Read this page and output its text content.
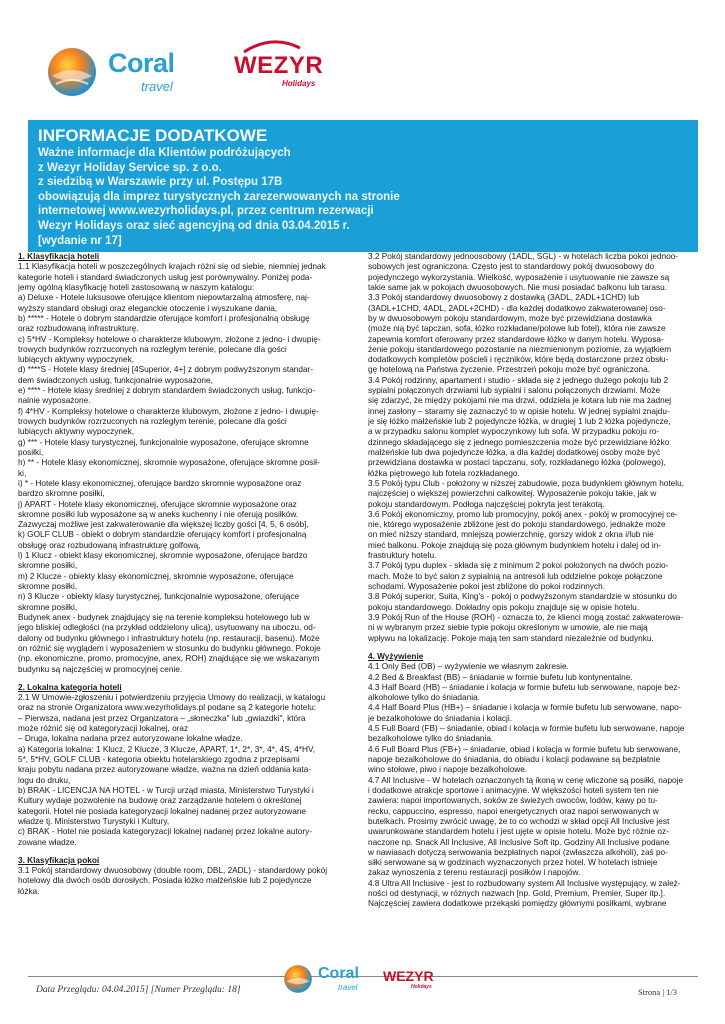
Coral
travel
WEZYR
Holidays
INFORMACJE DODATKOWE
Ważne informacje dla Klientów podróżujących
z Wezyr Holiday Service sp. z o.o.
z siedzibą w Warszawie przy ul. Postępu 17B
obowiązują dla imprez turystycznych zarezerwowanych na stronie
internetowej www.wezyrholidays.pl, przez centrum rezerwacji
Wezyr Holidays oraz sieć agencyjną od dnia 03.04.2015 r.
[wydanie nr 17]
1. Klasyfikacja hoteli
1.1 Klasyfikacja hoteli w poszczególnych krajach różni się od siebie, niemniej jednak
kategorie hoteli i standard świadczonych usług jest porównywalny. Poniżej poda-
jemy ogólną klasyfikację hoteli zastosowaną w naszym katalogu:
a) Deluxe - Hotele luksusowe oferujące klientom niepowtarzalną atmosferę, naj-
wyższy standard obsługi oraz eleganckie otoczenie i wyszukane dania,
b) ***** - Hotele o dobrym standardzie oferujące komfort i profesjonalną obsługę
oraz rozbudowaną infrastrukturę.
c) 5*HV - Kompleksy hotelowe o charakterze klubowym, złożone z jedno- i dwupię-
trowych budynków rozrzuconych na rozległym terenie, polecane dla gości
lubiących aktywny wypoczynek,
d) ****S - Hotele klasy średniej [4Superior, 4+] z dobrym podwyższonym standar-
dem świadczonych usług, funkcjonalnie wyposażone,
e) **** - Hotele klasy średniej z dobrym standardem świadczonych usług, funkcjo-
nalnie wyposażone.
f) 4*HV - Kompleksy hotelowe o charakterze klubowym, złożone z jedno- i dwupię-
trowych budynków rozrzuconych na rozległym terenie, polecane dla gości
lubiących aktywny wypoczynek,
g) *** - Hotele klasy turystycznej, funkcjonalnie wyposażone, oferujące skromne
posiłki,
h) ** - Hotele klasy ekonomicznej, skromnie wyposażone, oferujące skromne posił-
ki,
i) * - Hotele klasy ekonomicznej, oferujące bardzo skromnie wyposażone oraz
bardzo skromne posiłki,
j) APART - Hotele klasy ekonomicznej, oferujące skromnie wyposażone oraz
skromne posiłki lub wyposażone są w aneks kuchenny i nie oferują posiłków.
Zazwyczaj możliwe jest zakwaterowanie dla większej liczby gości [4, 5, 6 osób],
k) GOLF CLUB - obiekt o dobrym standardzie oferujący komfort i profesjonalną
obsługę oraz rozbudowaną infrastrukturę golfową,
l) 1 Klucz - obiekt klasy ekonomicznej, skromnie wyposażone, oferujące bardzo
skromne posiłki,
m) 2 Klucze - obiekty klasy ekonomicznej, skromnie wyposażone, oferujące
skromne posiłki,
n) 3 Klucze - obiekty klasy turystycznej, funkcjonalnie wyposażone, oferujące
skromne posiłki,
Budynek anex - budynek znajdujący się na terenie kompleksu hotelowego lub w
jego bliskiej odległości (na przykład oddzielony ulicą), usytuowany na uboczu, od-
dalony od budynku głównego i infrastruktury hotelu (np. restauracji, basenu). Może
on różnić się wyglądem i wyposażeniem w stosunku do budynku głównego. Pokoje
(np. ekonomiczne, promo, promocyjne, anex, ROH) znajdujące się we wskazanym
budynku są najczęściej w promocyjnej cenie.
2. Lokalna kategoria hoteli
2.1 W Umowie-zgłoszeniu i potwierdzeniu przyjęcia Umowy do realizacji, w katalogu
oraz na stronie Organizatora www.wezyrholidays.pl podane są 2 kategorie hotelu:
– Pierwsza, nadana jest przez Organizatora – „słoneczka" lub „gwiazdki", która
może różnić się od kategoryzacji lokalnej, oraz
– Druga, lokalna nadana przez autoryzowane lokalne władze.
a) Kategoria lokalna: 1 Klucz, 2 Klucze, 3 Klucze, APART, 1*, 2*, 3*, 4*, 4S, 4*HV,
5*, 5*HV, GOLF CLUB - kategoria obiektu hotelarskiego zgodna z przepisami
kraju pobytu nadana przez autoryzowane władze, ważna na dzień oddania kata-
logu do druku,
b) BRAK - LICENCJA NA HOTEL - w Turcji urząd miasta, Ministerstwo Turystyki i
Kultury wydaje pozwolenie na budowę oraz zarządzanie hotelem o określonej
kategorii. Hotel nie posiada kategoryzacji lokalnej nadanej przez autoryzowane
władze tj. Ministerstwo Turystyki i Kultury,
c) BRAK - Hotel nie posiada kategoryzacji lokalnej nadanej przez lokalne autory-
zowane władze.
3. Klasyfikacja pokoi
3.1 Pokój standardowy dwuosobowy (double room, DBL, 2ADL) - standardowy pokój
hotelowy dla dwóch osób dorosłych. Posiada łóżko małżeńskie lub 2 pojedyncze
łóżka.
3.2 Pokój standardowy jednoosobowy (1ADL, SGL) - w hotelach liczba pokoi jednoo-
sobowych jest ograniczona. Często jest to standardowy pokój dwuosobowy do
pojedynczego wykorzystania. Wielkość, wyposażenie i usytuowanie nie zawsze są
takie same jak w pokojach dwuosobowych. Nie musi posiadać balkonu lub tarasu.
3.3 Pokój standardowy dwuosobowy z dostawką (3ADL, 2ADL+1CHD) lub
(3ADL+1CHD, 4ADL, 2ADL+2CHD) - dla każdej dodatkowo zakwaterowanej oso-
by w dwuosobowym pokoju standardowym, może być przewidziana dostawka
(może nią być tapczan, sofa, łóżko rozkładane/polowe lub fotel), która nie zawsze
zapewnia komfort oferowany przez standardowe łóżko w danym hotelu. Wyposa-
żenie pokoju standardowego pozostanie na niezmienionym poziomie, za wyjątkiem
dodatkowych kompletów pościeli i ręczników, które będą dostarczone przez obsłu-
gę hotelową na Państwa życzenie. Przestrzeń pokoju może być ograniczona.
3.4 Pokój rodzinny, apartament i studio - składa się z jednego dużego pokoju lub 2
sypialni połączonych drzwiami lub sypialni i salonu połączonych drzwiami. Może
się zdarzyć, że między pokojami nie ma drzwi, oddziela je kotara lub nie ma żadnej
innej zasłony – staramy się zaznaczyć to w opisie hotelu. W jednej sypialni znajdu-
je się łóżko małżeńskie lub 2 pojedyncze łóżka, w drugiej 1 lub 2 łóżka pojedyncze,
a w przypadku salonu komplet wypoczynkowy lub sofa. W przypadku pokoju ro-
dzinnego składającego się z jednego pomieszczenia może być przewidziane łóżko
małżeńskie lub dwa pojedyncze łóżka, a dla każdej dodatkowej osoby może być
przewidziana dostawka w postaci tapczanu, sofy, rozkładanego łóżka (polowego),
łóżka piętrowego lub fotela rozkładanego.
3.5 Pokój typu Club - położony w niższej zabudowie, poza budynkiem głównym hotelu,
najczęściej o większej powierzchni całkowitej. Wyposażenie pokoju takie, jak w
pokoju standardowym. Podłoga najczęściej pokryta jest terakotą.
3.6 Pokój ekonomiczny, promo lub promocyjny, pokój anex - pokój w promocyjnej ce-
nie, którego wyposażenie zbliżone jest do pokoju standardowego, jednakże może
on mieć niższy standard, mniejszą powierzchnię, gorszy widok z okna i/lub nie
mieć balkonu. Pokoje znajdują się poza głównym budynkiem hotelu i dalej od in-
frastruktury hotelu.
3.7 Pokój typu duplex - składa się z minimum 2 pokoi położonych na dwóch pozio-
mach. Może to być salon z sypialnią na antresoli lub oddzielne pokoje połączone
schodami. Wyposażenie pokoi jest zbliżone do pokoi rodzinnych.
3.8 Pokój superior, Suita, King's - pokój o podwyższonym standardzie w stosunku do
pokoju standardowego. Dokładny opis pokoju znajduje się w opisie hotelu.
3.9 Pokój Run of the House (ROH) - oznacza to, że klienci mogą zostać zakwaterowa-
ni w wybranym przez siebie typie pokoju określonym w umowie, ale nie mają
wpływu na lokalizację. Pokoje mają ten sam standard niezależnie od budynku.
4. Wyżywienie
4.1 Only Bed (OB) – wyżywienie we własnym zakresie.
4.2 Bed & Breakfast (BB) – śniadanie w formie bufetu lub kontynentalne.
4.3 Half Board (HB) – śniadanie i kolacja w formie bufetu lub serwowane, napoje bez-
alkoholowe tylko do śniadania.
4.4 Half Board Plus (HB+) – śniadanie i kolacja w formie bufetu lub serwowane, napo-
je bezalkoholowe do śniadania i kolacji.
4.5 Full Board (FB) – śniadanie, obiad i kolacja w formie bufetu lub serwowane, napoje
bezalkoholowe tylko do śniadania.
4.6 Full Board Plus (FB+) – śniadanie, obiad i kolacja w formie bufetu lub serwowane,
napoje bezalkoholowe do śniadania, do obiadu i kolacji podawane są bezpłatnie
wino stołowe, piwo i napoje bezalkoholowe.
4.7 All Inclusive - W hotelach oznaczonych tą ikoną w cenę wliczone są posiłki, napoje
i dodatkowe atrakcje sportowe i animacyjne. W większości hoteli system ten nie
zawiera: napoi importowanych, soków ze świeżych owoców, lodów, kawy po tu-
recku, cappuccino, espresso, napoi energetycznych oraz napoi serwowanych w
butelkach. Prosimy zwrócić uwagę, że to co wchodzi w skład opcji All Inclusive jest
uwarunkowane standardem hotelu i jest ujęte w opisie hotelu. Może być różnie oz-
naczone np. Snack All Inclusive, All Inclusive Soft itp. Godziny All Inclusive podane
w nawiasach dotyczą serwowania bezpłatnych napoi (zwłaszcza alkoholi), zaś po-
siłki serwowane są w godzinach wyznaczonych przez hotel. W hotelach istnieje
zakaz wynoszenia z terenu restauracji posiłków i napojów.
4.8 Ultra All Inclusive - jest to rozbudowany system All Inclusive występujący, w zależ-
ności od destynacji, w różnych nazwach [np. Gold, Premium, Premier, Super itp.].
Najczęściej zawiera dodatkowe przekąski pomiędzy głównymi posiłkami, wybrane
Data Przeglądu: 04.04.2015] [Numer Przeglądu: 18]
Coral
travel
WEZYR
Holidays	Strona | 1/3
